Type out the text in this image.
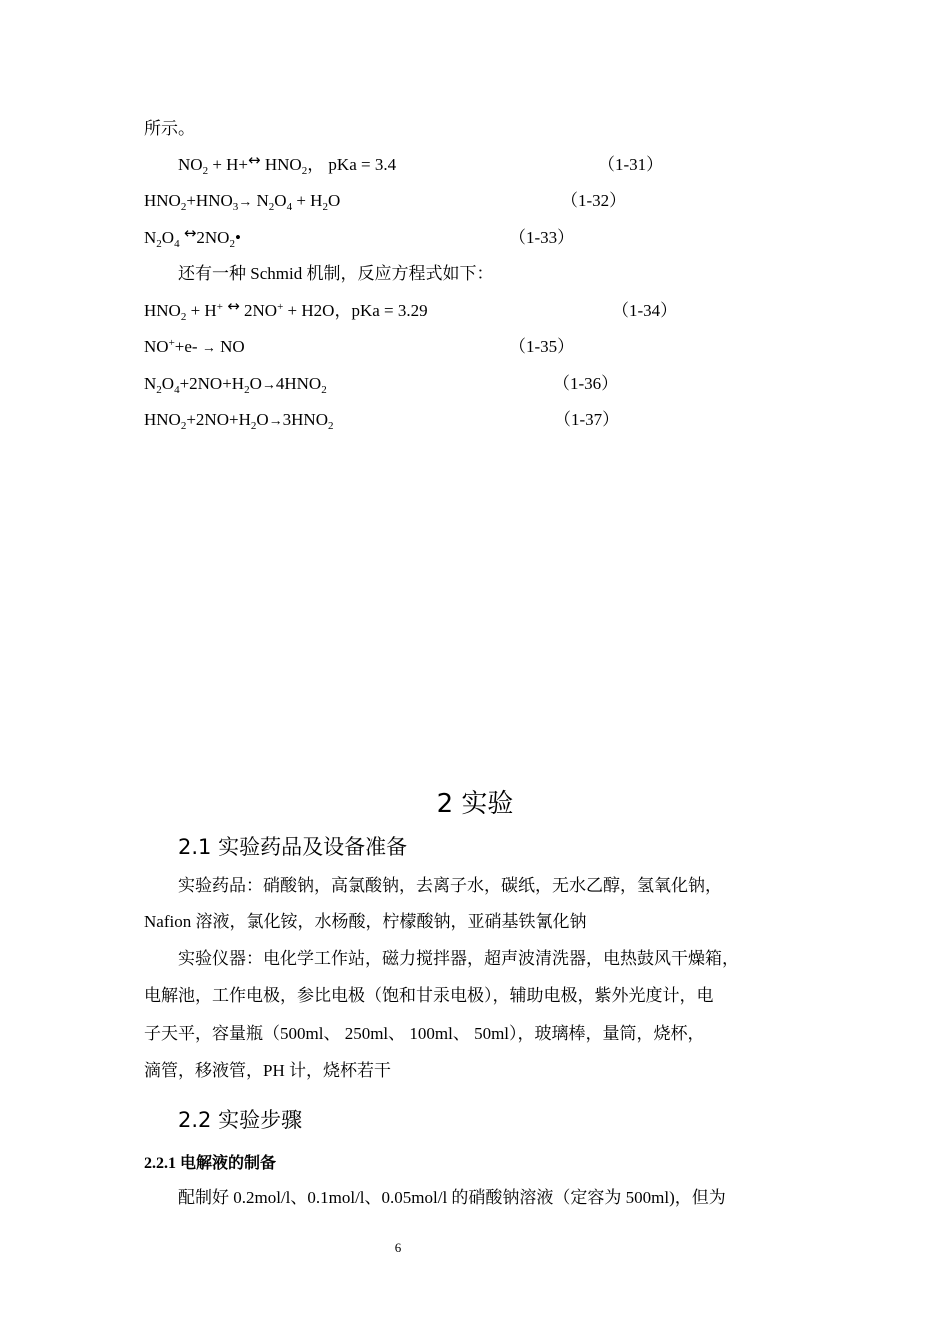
所示。
$NO_2$ + H+↔ $HNO_2$， pKa = 3.4	（1-31）
$HNO_2+HNO_3\to N_2O_4 + H_2O$	（1-32）
$N_2O_4$ $\leftrightarrow 2NO_2•$	（1-33）
还有一种 Schmid 机制，反应方程式如下：
$HNO_2 + H^+$ ↔ 2NO+ + H2O，pKa = 3.29	（1-34）
NO++e- → NO	（1-35）
$N_2O_4+2NO+H_2O\to 4HNO_2$	（1-36）
$HNO_2+2NO+H_2O\to 3HNO_2$	（1-37）
2 实验
2.1 实验药品及设备准备
实验药品：硝酸钠，高氯酸钠，去离子水，碳纸，无水乙醇，氢氧化钠，
Nafion 溶液，氯化铵，水杨酸，柠檬酸钠，亚硝基铁氰化钠
实验仪器：电化学工作站，磁力搅拌器，超声波清洗器，电热鼓风干燥箱，
电解池，工作电极，参比电极（饱和甘汞电极），辅助电极，紫外光度计，电
子天平，容量瓶（500ml、 250ml、 100ml、 50ml），玻璃棒，量筒，烧杯，
滴管，移液管，PH 计，烧杯若干
2.2 实验步骤
2.2.1 电解液的制备
配制好 0.2mol/l、0.1mol/l、0.05mol/l 的硝酸钠溶液（定容为 500ml)，但为
6
